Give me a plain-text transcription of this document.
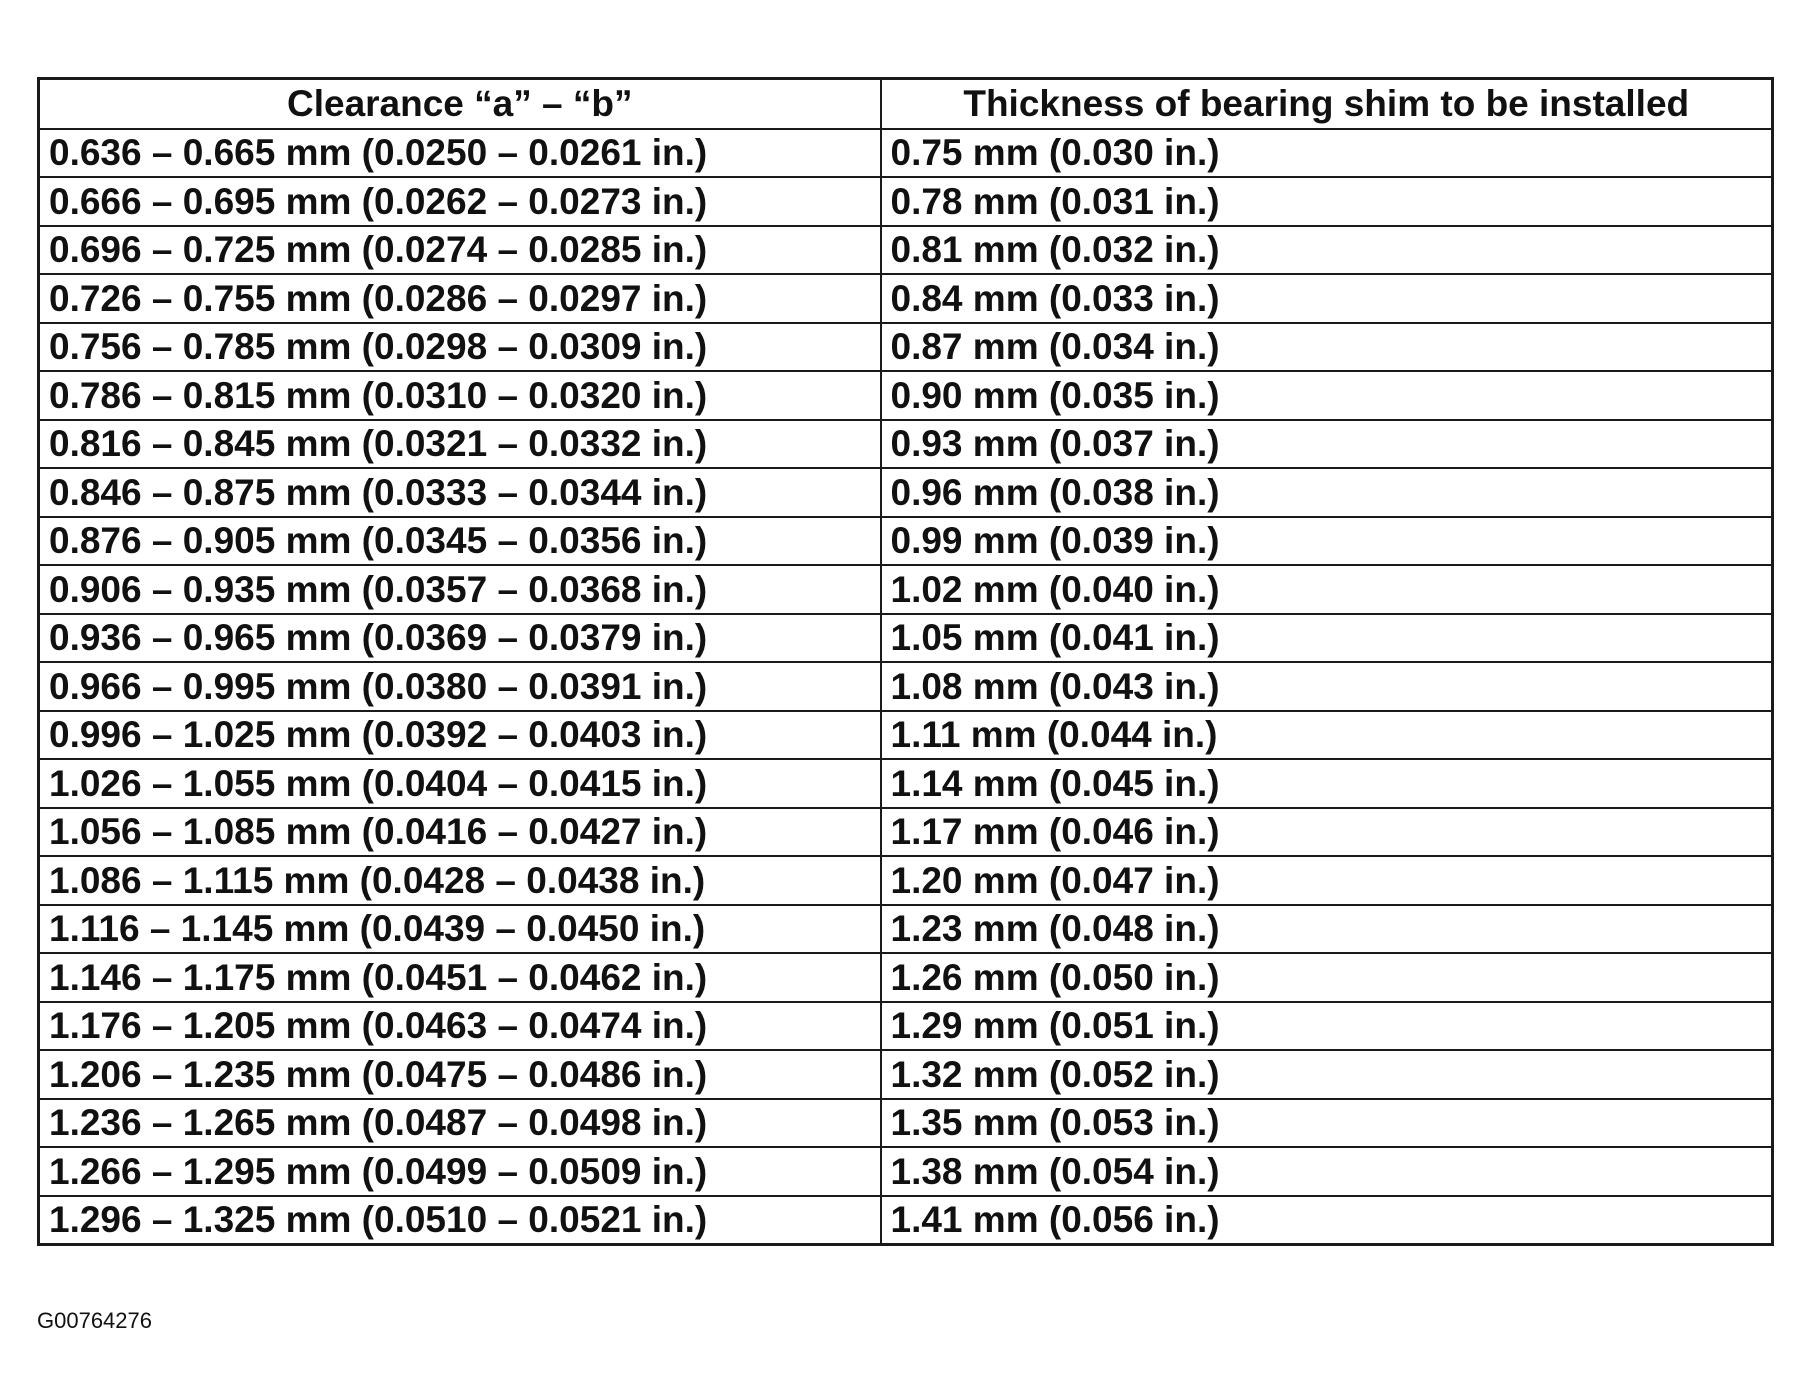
Clearance “a” – “b”	Thickness of bearing shim to be installed
0.636 – 0.665 mm (0.0250 – 0.0261 in.)	0.75 mm (0.030 in.)
0.666 – 0.695 mm (0.0262 – 0.0273 in.)	0.78 mm (0.031 in.)
0.696 – 0.725 mm (0.0274 – 0.0285 in.)	0.81 mm (0.032 in.)
0.726 – 0.755 mm (0.0286 – 0.0297 in.)	0.84 mm (0.033 in.)
0.756 – 0.785 mm (0.0298 – 0.0309 in.)	0.87 mm (0.034 in.)
0.786 – 0.815 mm (0.0310 – 0.0320 in.)	0.90 mm (0.035 in.)
0.816 – 0.845 mm (0.0321 – 0.0332 in.)	0.93 mm (0.037 in.)
0.846 – 0.875 mm (0.0333 – 0.0344 in.)	0.96 mm (0.038 in.)
0.876 – 0.905 mm (0.0345 – 0.0356 in.)	0.99 mm (0.039 in.)
0.906 – 0.935 mm (0.0357 – 0.0368 in.)	1.02 mm (0.040 in.)
0.936 – 0.965 mm (0.0369 – 0.0379 in.)	1.05 mm (0.041 in.)
0.966 – 0.995 mm (0.0380 – 0.0391 in.)	1.08 mm (0.043 in.)
0.996 – 1.025 mm (0.0392 – 0.0403 in.)	1.11 mm (0.044 in.)
1.026 – 1.055 mm (0.0404 – 0.0415 in.)	1.14 mm (0.045 in.)
1.056 – 1.085 mm (0.0416 – 0.0427 in.)	1.17 mm (0.046 in.)
1.086 – 1.115 mm (0.0428 – 0.0438 in.)	1.20 mm (0.047 in.)
1.116 – 1.145 mm (0.0439 – 0.0450 in.)	1.23 mm (0.048 in.)
1.146 – 1.175 mm (0.0451 – 0.0462 in.)	1.26 mm (0.050 in.)
1.176 – 1.205 mm (0.0463 – 0.0474 in.)	1.29 mm (0.051 in.)
1.206 – 1.235 mm (0.0475 – 0.0486 in.)	1.32 mm (0.052 in.)
1.236 – 1.265 mm (0.0487 – 0.0498 in.)	1.35 mm (0.053 in.)
1.266 – 1.295 mm (0.0499 – 0.0509 in.)	1.38 mm (0.054 in.)
1.296 – 1.325 mm (0.0510 – 0.0521 in.)	1.41 mm (0.056 in.)
G00764276
